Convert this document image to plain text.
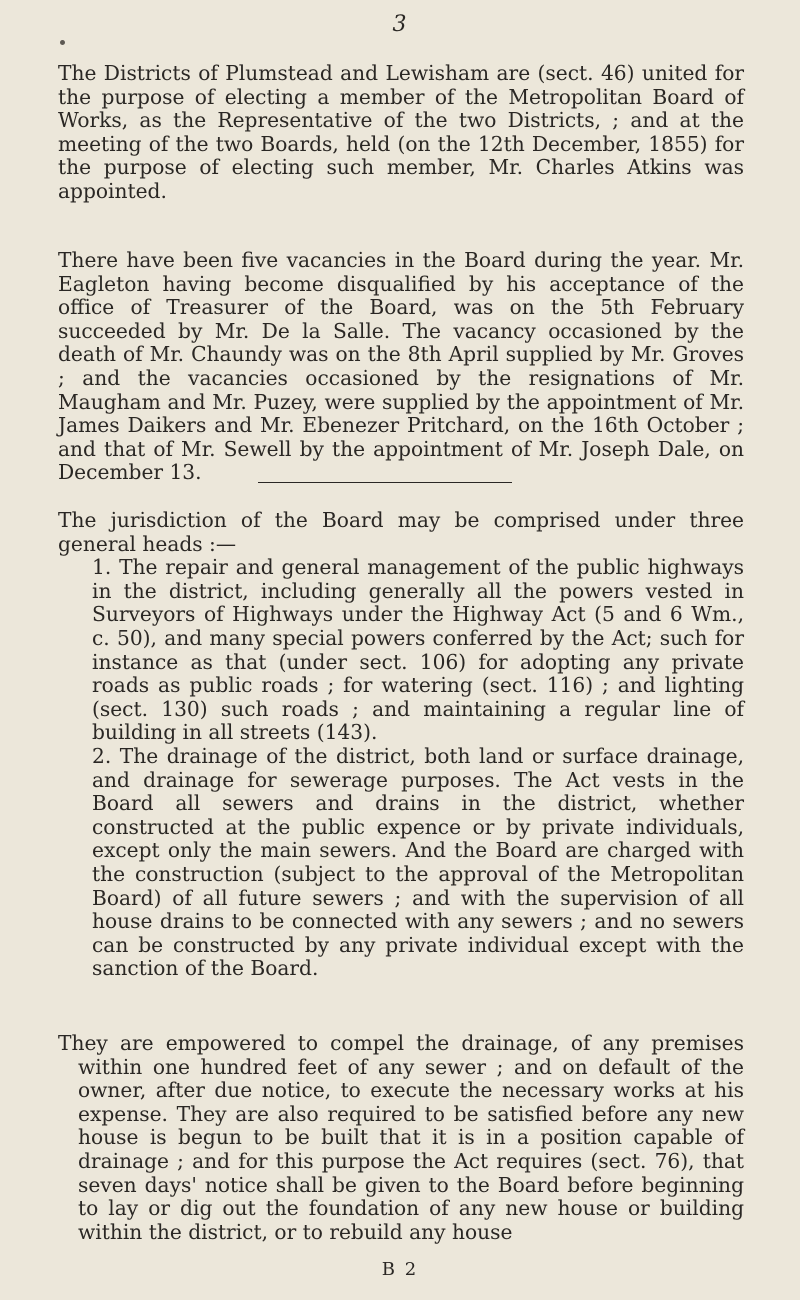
3

The Districts of Plumstead and Lewisham are (sect. 46) united for the purpose of electing a member of the Metropolitan Board of Works, as the Representative of the two Districts, ; and at the meeting of the two Boards, held (on the 12th December, 1855) for the purpose of electing such member, Mr. Charles Atkins was appointed.

There have been five vacancies in the Board during the year. Mr. Eagleton having become disqualified by his acceptance of the office of Treasurer of the Board, was on the 5th February succeeded by Mr. De la Salle. The vacancy occasioned by the death of Mr. Chaundy was on the 8th April supplied by Mr. Groves ; and the vacancies occasioned by the resignations of Mr. Maugham and Mr. Puzey, were supplied by the appointment of Mr. James Daikers and Mr. Ebenezer Pritchard, on the 16th October ; and that of Mr. Sewell by the appointment of Mr. Joseph Dale, on December 13.

The jurisdiction of the Board may be comprised under three general heads :—

1. The repair and general management of the public highways in the district, including generally all the powers vested in Surveyors of Highways under the Highway Act (5 and 6 Wm., c. 50), and many special powers conferred by the Act; such for instance as that (under sect. 106) for adopting any private roads as public roads ; for watering (sect. 116) ; and lighting (sect. 130) such roads ; and maintaining a regular line of building in all streets (143).

2. The drainage of the district, both land or surface drainage, and drainage for sewerage purposes. The Act vests in the Board all sewers and drains in the district, whether constructed at the public expence or by private individuals, except only the main sewers. And the Board are charged with the construction (subject to the approval of the Metropolitan Board) of all future sewers ; and with the supervision of all house drains to be connected with any sewers ; and no sewers can be constructed by any private individual except with the sanction of the Board.

They are empowered to compel the drainage, of any premises within one hundred feet of any sewer ; and on default of the owner, after due notice, to execute the necessary works at his expense. They are also required to be satisfied before any new house is begun to be built that it is in a position capable of drainage ; and for this purpose the Act requires (sect. 76), that seven days' notice shall be given to the Board before beginning to lay or dig out the foundation of any new house or building within the district, or to rebuild any house

B 2
